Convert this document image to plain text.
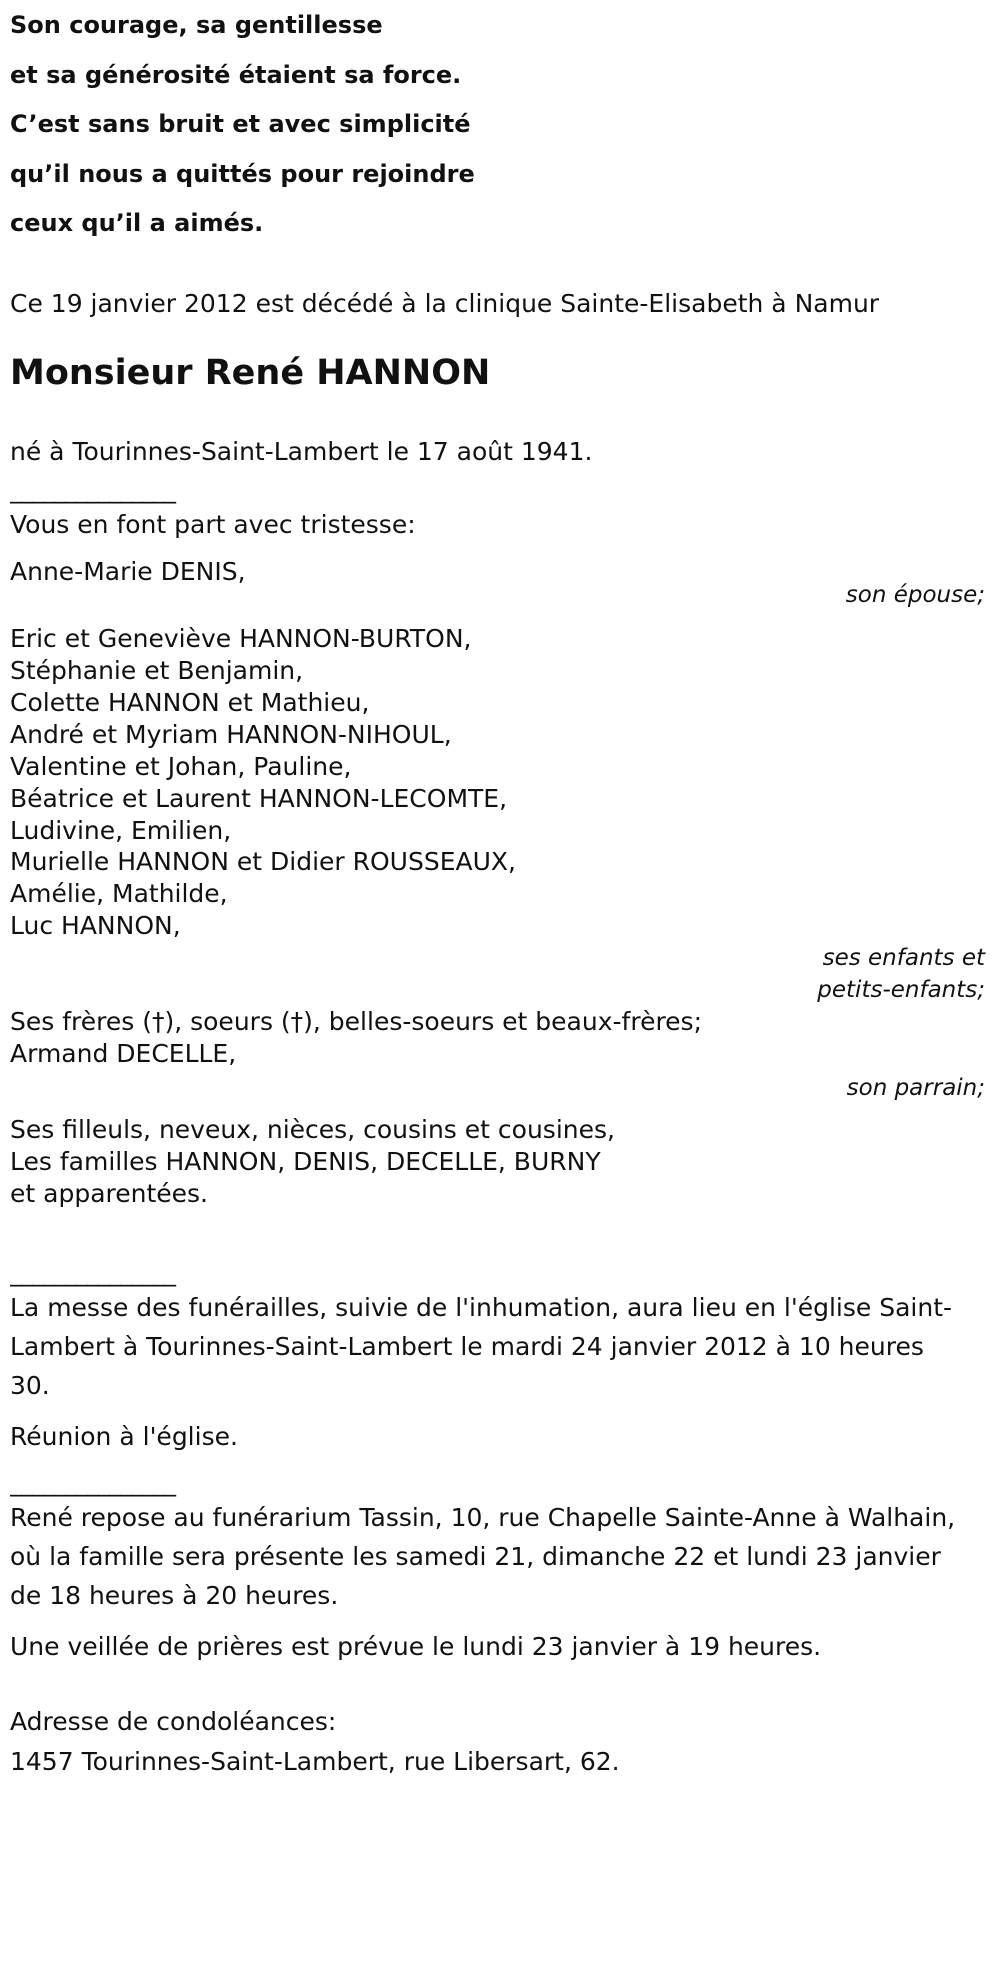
Son courage, sa gentillesse

et sa générosité étaient sa force.

C’est sans bruit et avec simplicité

qu’il nous a quittés pour rejoindre

ceux qu’il a aimés.

Ce 19 janvier 2012 est décédé à la clinique Sainte-Elisabeth à Namur
Monsieur René HANNON
né à Tourinnes-Saint-Lambert le 17 août 1941.
_______________

Vous en font part avec tristesse:

Anne-Marie DENIS,

son épouse;

Eric et Geneviève HANNON-BURTON,

Stéphanie et Benjamin,

Colette HANNON et Mathieu,

André et Myriam HANNON-NIHOUL,

Valentine et Johan, Pauline,

Béatrice et Laurent HANNON-LECOMTE,

Ludivine, Emilien,

Murielle HANNON et Didier ROUSSEAUX,

Amélie, Mathilde,

Luc HANNON,

ses enfants et

petits-enfants;

Ses frères (†), soeurs (†), belles-soeurs et beaux-frères;

Armand DECELLE,

son parrain;

Ses filleuls, neveux, nièces, cousins et cousines,

Les familles HANNON, DENIS, DECELLE, BURNY

et apparentées.

_______________

La messe des funérailles, suivie de l'inhumation, aura lieu en l'église Saint-Lambert à Tourinnes-Saint-Lambert le mardi 24 janvier 2012 à 10 heures 30.

Réunion à l'église.

_______________

René repose au funérarium Tassin, 10, rue Chapelle Sainte-Anne à Walhain, où la famille sera présente les samedi 21, dimanche 22 et lundi 23 janvier de 18 heures à 20 heures.

Une veillée de prières est prévue le lundi 23 janvier à 19 heures.

Adresse de condoléances:

1457 Tourinnes-Saint-Lambert, rue Libersart, 62.
